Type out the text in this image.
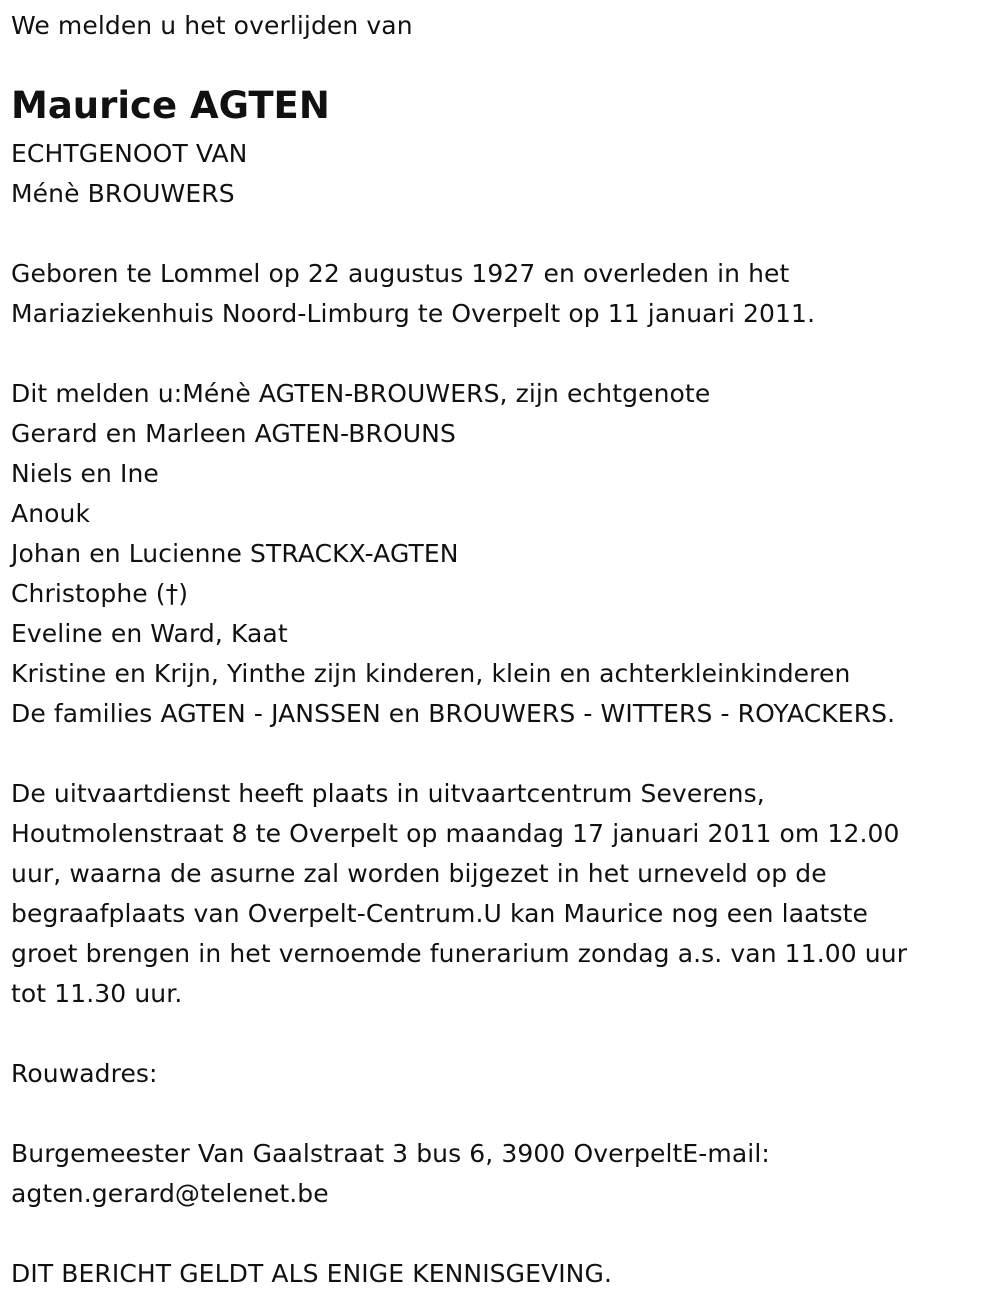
We melden u het overlijden van
Maurice AGTEN
ECHTGENOOT VAN
Ménè BROUWERS
Geboren te Lommel op 22 augustus 1927 en overleden in het
Mariaziekenhuis Noord-Limburg te Overpelt op 11 januari 2011.
Dit melden u:Ménè AGTEN-BROUWERS, zijn echtgenote
Gerard en Marleen AGTEN-BROUNS
Niels en Ine
Anouk
Johan en Lucienne STRACKX-AGTEN
Christophe (†)
Eveline en Ward, Kaat
Kristine en Krijn, Yinthe zijn kinderen, klein en achterkleinkinderen
De families AGTEN - JANSSEN en BROUWERS - WITTERS - ROYACKERS.
De uitvaartdienst heeft plaats in uitvaartcentrum Severens,
Houtmolenstraat 8 te Overpelt op maandag 17 januari 2011 om 12.00
uur, waarna de asurne zal worden bijgezet in het urneveld op de
begraafplaats van Overpelt-Centrum.U kan Maurice nog een laatste
groet brengen in het vernoemde funerarium zondag a.s. van 11.00 uur
tot 11.30 uur.
Rouwadres:
Burgemeester Van Gaalstraat 3 bus 6, 3900 OverpeltE-mail:
agten.gerard@telenet.be
DIT BERICHT GELDT ALS ENIGE KENNISGEVING.
